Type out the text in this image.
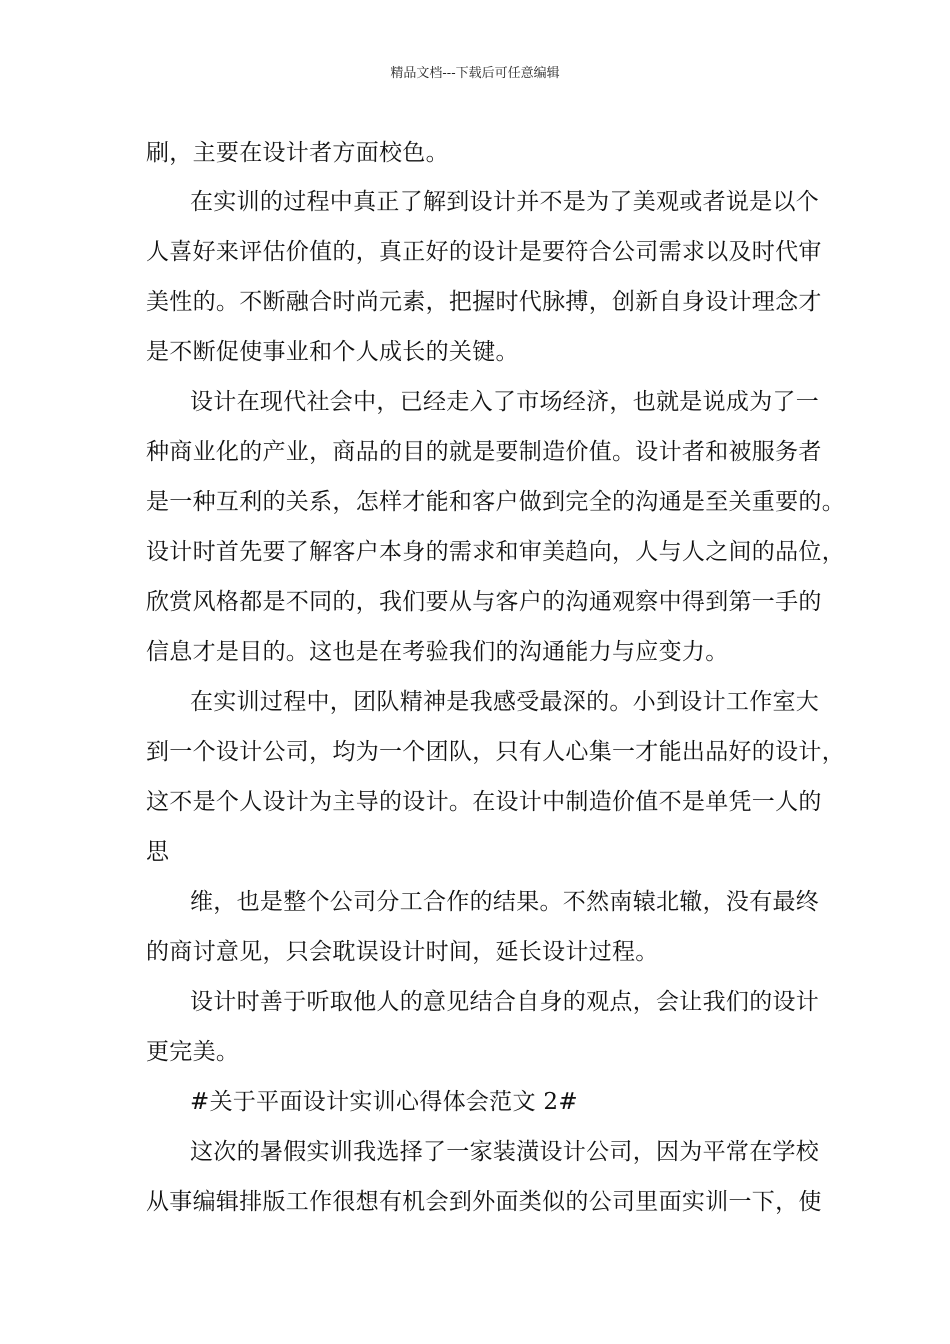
精品文档---下载后可任意编辑
刷，主要在设计者方面校色。
在实训的过程中真正了解到设计并不是为了美观或者说是以个
人喜好来评估价值的，真正好的设计是要符合公司需求以及时代审
美性的。不断融合时尚元素，把握时代脉搏，创新自身设计理念才
是不断促使事业和个人成长的关键。
设计在现代社会中，已经走入了市场经济，也就是说成为了一
种商业化的产业，商品的目的就是要制造价值。设计者和被服务者
是一种互利的关系，怎样才能和客户做到完全的沟通是至关重要的。
设计时首先要了解客户本身的需求和审美趋向，人与人之间的品位，
欣赏风格都是不同的，我们要从与客户的沟通观察中得到第一手的
信息才是目的。这也是在考验我们的沟通能力与应变力。
在实训过程中，团队精神是我感受最深的。小到设计工作室大
到一个设计公司，均为一个团队，只有人心集一才能出品好的设计，
这不是个人设计为主导的设计。在设计中制造价值不是单凭一人的
思
维，也是整个公司分工合作的结果。不然南辕北辙，没有最终
的商讨意见，只会耽误设计时间，延长设计过程。
设计时善于听取他人的意见结合自身的观点，会让我们的设计
更完美。
#关于平面设计实训心得体会范文 2#
这次的暑假实训我选择了一家装潢设计公司，因为平常在学校
从事编辑排版工作很想有机会到外面类似的公司里面实训一下，使
